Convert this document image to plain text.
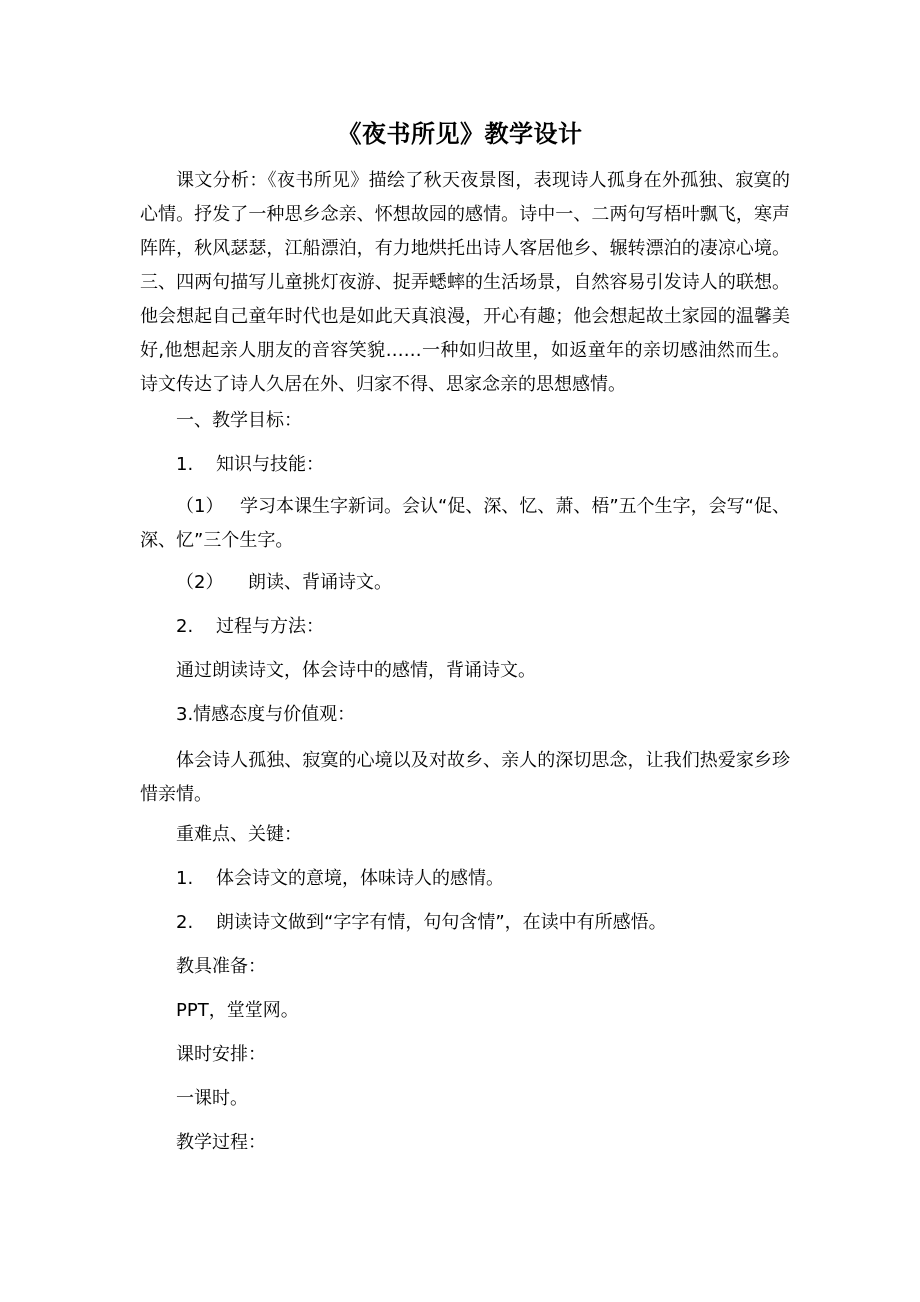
《夜书所见》教学设计

课文分析：《夜书所见》描绘了秋天夜景图，表现诗人孤身在外孤独、寂寞的心情。抒发了一种思乡念亲、怀想故园的感情。诗中一、二两句写梧叶飘飞，寒声阵阵，秋风瑟瑟，江船漂泊，有力地烘托出诗人客居他乡、辗转漂泊的凄凉心境。三、四两句描写儿童挑灯夜游、捉弄蟋蟀的生活场景，自然容易引发诗人的联想。他会想起自己童年时代也是如此天真浪漫，开心有趣；他会想起故土家园的温馨美好,他想起亲人朋友的音容笑貌……一种如归故里，如返童年的亲切感油然而生。诗文传达了诗人久居在外、归家不得、思家念亲的思想感情。

一、教学目标：

1. 知识与技能：

（1） 学习本课生字新词。会认“促、深、忆、萧、梧”五个生字，会写“促、深、忆”三个生字。

（2） 朗读、背诵诗文。

2. 过程与方法：

通过朗读诗文，体会诗中的感情，背诵诗文。

3.情感态度与价值观：

体会诗人孤独、寂寞的心境以及对故乡、亲人的深切思念，让我们热爱家乡珍惜亲情。

重难点、关键：

1. 体会诗文的意境，体味诗人的感情。

2. 朗读诗文做到“字字有情，句句含情”，在读中有所感悟。

教具准备：

PPT，堂堂网。

课时安排：

一课时。

教学过程：
